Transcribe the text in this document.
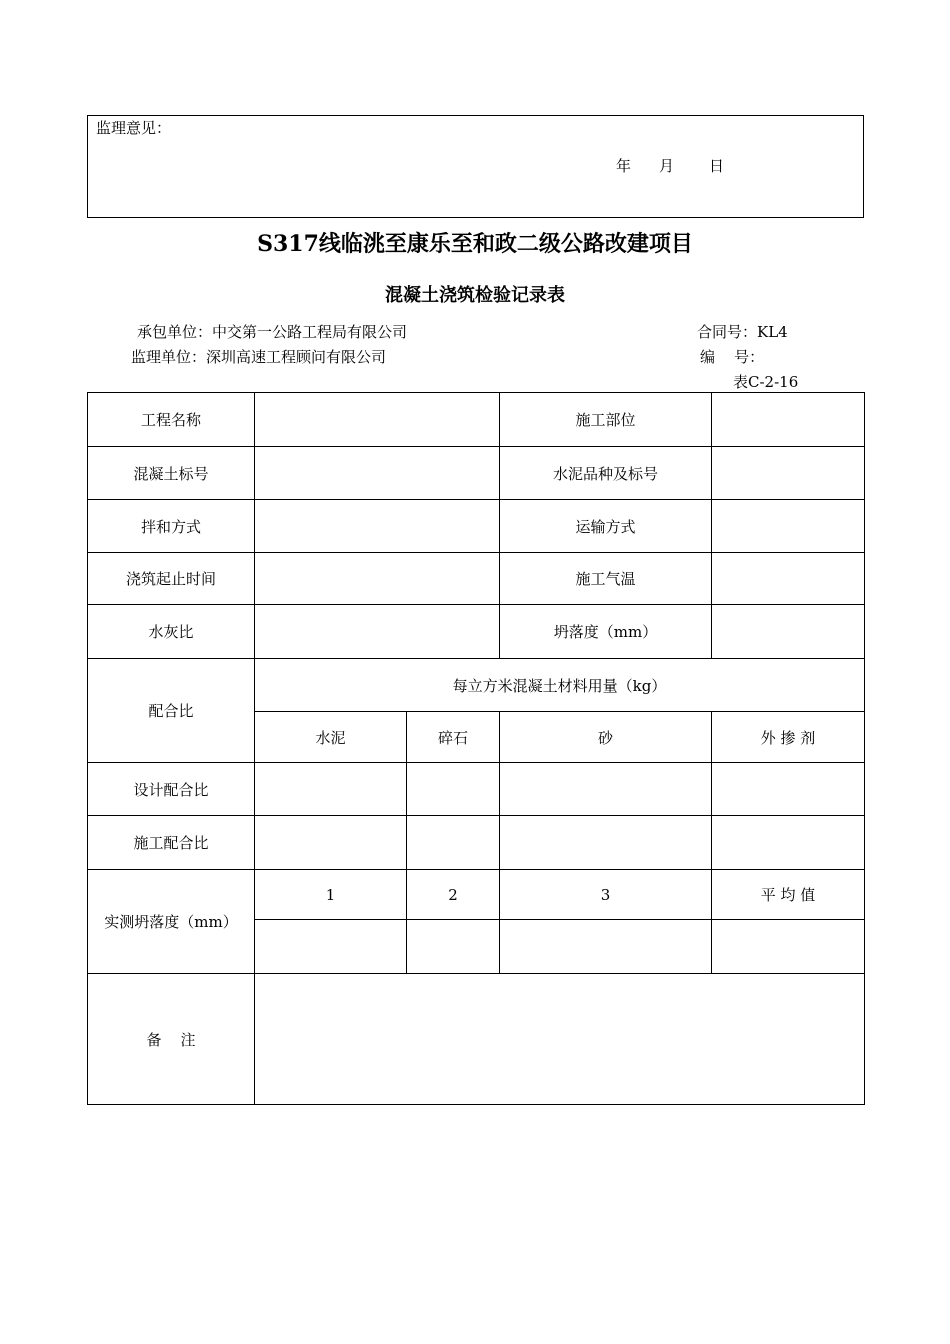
监理意见：
年 月 日
S317线临洮至康乐至和政二级公路改建项目
混凝土浇筑检验记录表
承包单位：中交第一公路工程局有限公司	合同号：KL4
监理单位：深圳高速工程顾问有限公司	编    号：
表C-2-16
工程名称			施工部位	
混凝土标号			水泥品种及标号	
拌和方式			运输方式	
浇筑起止时间			施工气温	
水灰比			坍落度（mm）	
配合比	每立方米混凝土材料用量（kg）			
	水泥	碎石	砂	外 掺 剂
设计配合比				
施工配合比				
实测坍落度（mm）	1	2	3	平 均 值

备    注				
